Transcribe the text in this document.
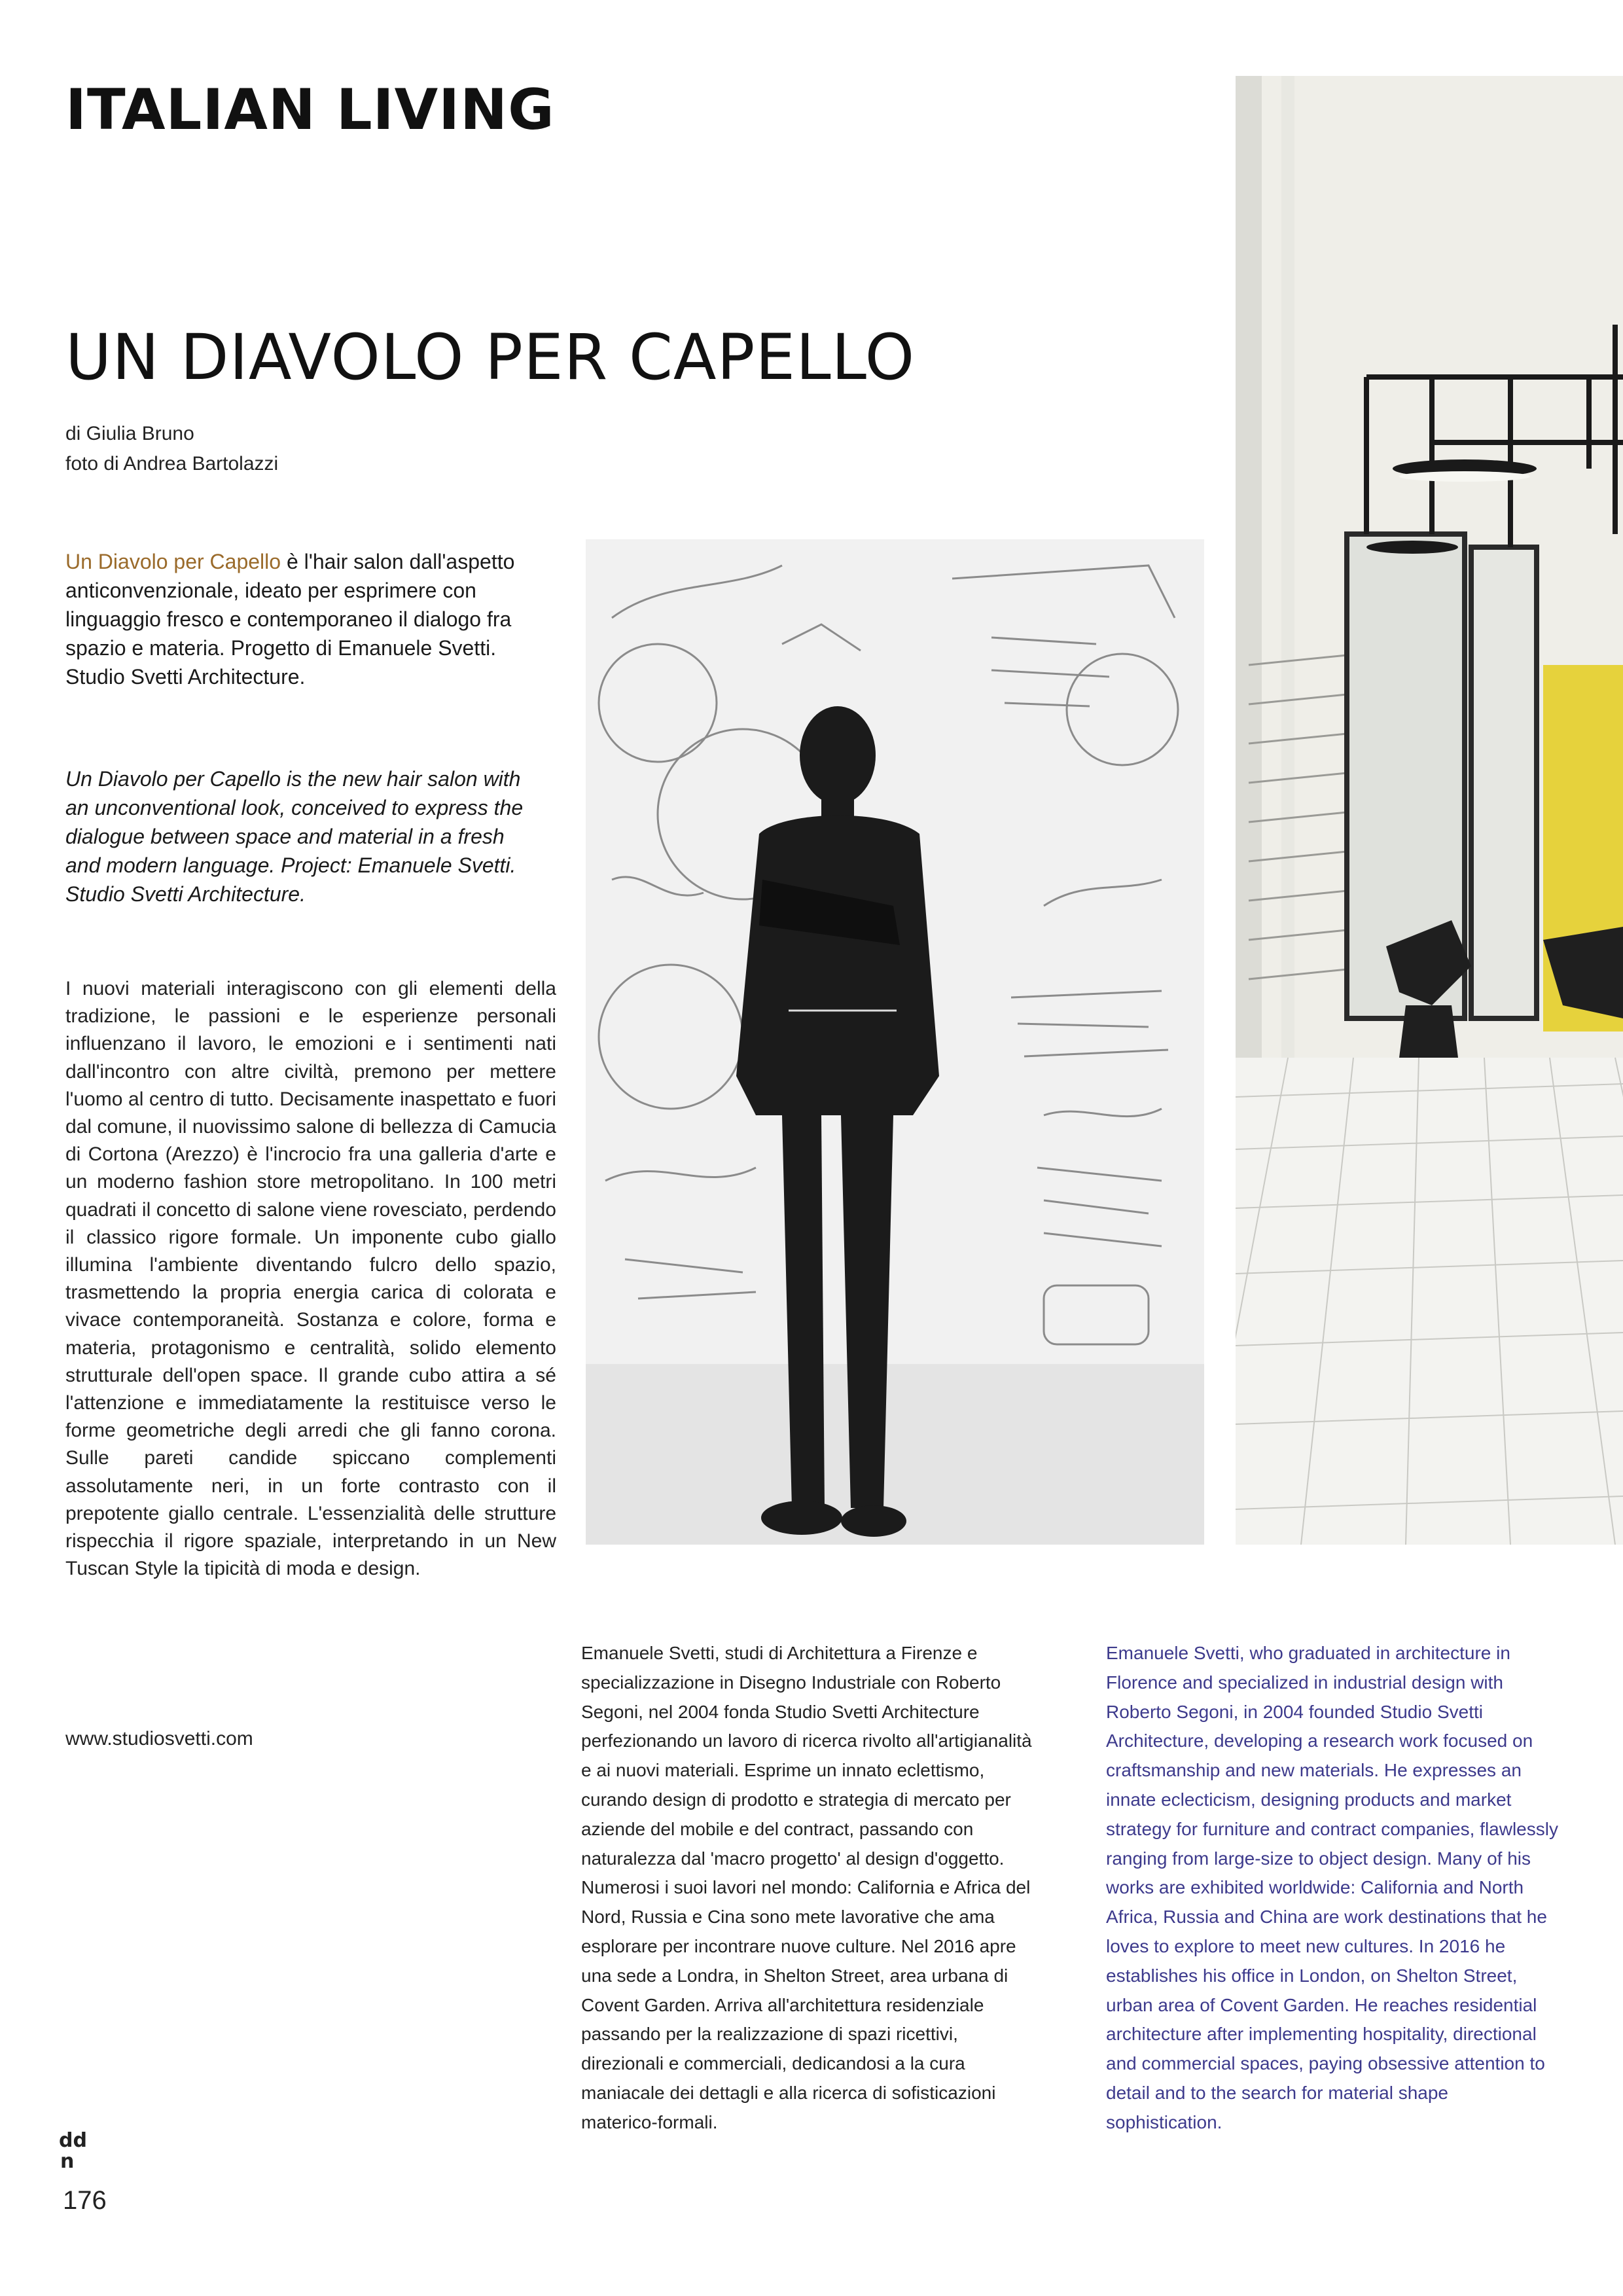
ITALIAN LIVING
UN DIAVOLO PER CAPELLO
di Giulia Bruno
foto di Andrea Bartolazzi

Un Diavolo per Capello è l'hair salon dall'aspetto anticonvenzionale, ideato per esprimere con linguaggio fresco e contemporaneo il dialogo fra spazio e materia. Progetto di Emanuele Svetti. Studio Svetti Architecture.

Un Diavolo per Capello is the new hair salon with an unconventional look, conceived to express the dialogue between space and material in a fresh and modern language. Project: Emanuele Svetti. Studio Svetti Architecture.

I nuovi materiali interagiscono con gli elementi della tradizione, le passioni e le esperienze personali influenzano il lavoro, le emozioni e i sentimenti nati dall'incontro con altre civiltà, premono per mettere l'uomo al centro di tutto. Decisamente inaspettato e fuori dal comune, il nuovissimo salone di bellezza di Camucia di Cortona (Arezzo) è l'incrocio fra una galleria d'arte e un moderno fashion store metropolitano. In 100 metri quadrati il concetto di salone viene rovesciato, perdendo il classico rigore formale. Un imponente cubo giallo illumina l'ambiente diventando fulcro dello spazio, trasmettendo la propria energia carica di colorata e vivace contemporaneità. Sostanza e colore, forma e materia, protagonismo e centralità, solido elemento strutturale dell'open space. Il grande cubo attira a sé l'attenzione e immediatamente la restituisce verso le forme geometriche degli arredi che gli fanno corona. Sulle pareti candide spiccano complementi assolutamente neri, in un forte contrasto con il prepotente giallo centrale. L'essenzialità delle strutture rispecchia il rigore spaziale, interpretando in un New Tuscan Style la tipicità di moda e design.

www.studiosvetti.com

Emanuele Svetti, studi di Architettura a Firenze e specializzazione in Disegno Industriale con Roberto Segoni, nel 2004 fonda Studio Svetti Architecture perfezionando un lavoro di ricerca rivolto all'artigianalità e ai nuovi materiali. Esprime un innato eclettismo, curando design di prodotto e strategia di mercato per aziende del mobile e del contract, passando con naturalezza dal 'macro progetto' al design d'oggetto. Numerosi i suoi lavori nel mondo: California e Africa del Nord, Russia e Cina sono mete lavorative che ama esplorare per incontrare nuove culture. Nel 2016 apre una sede a Londra, in Shelton Street, area urbana di Covent Garden. Arriva all'architettura residenziale passando per la realizzazione di spazi ricettivi, direzionali e commerciali, dedicandosi a la cura maniacale dei dettagli e alla ricerca di sofisticazioni materico-formali.

Emanuele Svetti, who graduated in architecture in Florence and specialized in industrial design with Roberto Segoni, in 2004 founded Studio Svetti Architecture, developing a research work focused on craftsmanship and new materials. He expresses an innate eclecticism, designing products and market strategy for furniture and contract companies, flawlessly ranging from large-size to object design. Many of his works are exhibited worldwide: California and North Africa, Russia and China are work destinations that he loves to explore to meet new cultures. In 2016 he establishes his office in London, on Shelton Street, urban area of Covent Garden. He reaches residential architecture after implementing hospitality, directional and commercial spaces, paying obsessive attention to detail and to the search for material shape sophistication.

dd
n
176
